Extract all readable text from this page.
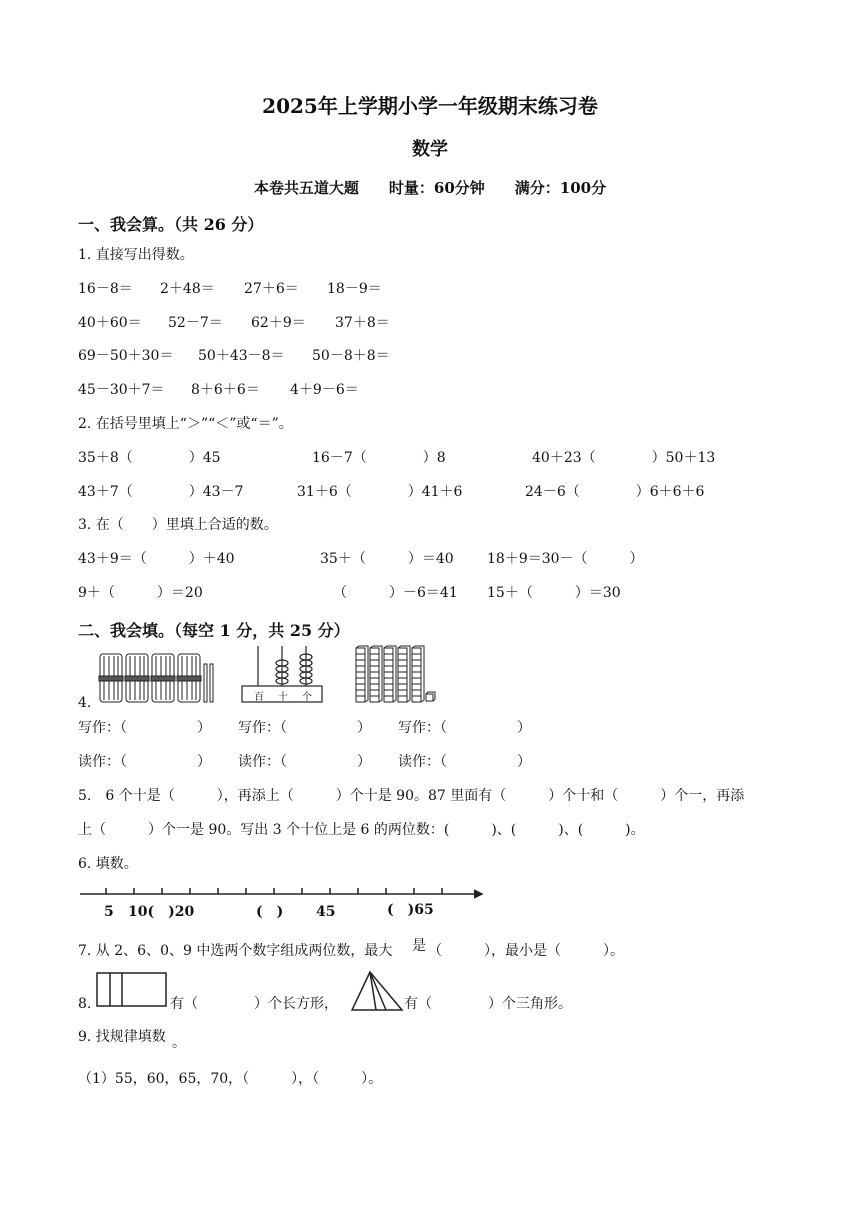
2025年上学期小学一年级期末练习卷
数学
本卷共五道大题　　时量：60分钟　　满分：100分
一、我会算。（共 26 分）
1. 直接写出得数。
16－8＝ 2＋48＝ 27＋6＝ 18－9＝
40＋60＝ 52－7＝ 62＋9＝ 37＋8＝
69－50＋30＝ 50＋43－8＝ 50－8＋8＝
45－30＋7＝ 8＋6＋6＝ 4＋9－6＝
2. 在括号里填上“＞”“＜”或“＝”。
35＋8（　　　　）45	16－7（　　　　）8	40＋23（　　　　）50＋13
43＋7（　　　　）43－7	31＋6（　　　　）41＋6	24－6（　　　　）6＋6＋6
3. 在（　　）里填上合适的数。
43＋9＝（　　　）＋40	35＋（　　　）＝40 18＋9＝30－（　　　）
9＋（　　　）＝20	（　　　）－6＝41 15＋（　　　）＝30
二、我会填。（每空 1 分，共 25 分）
百 十 个
4.
写作：（　　　　　） 写作：（　　　　　） 写作：（　　　　　）
读作：（　　　　　） 读作：（　　　　　） 读作：（　　　　　）
5.　6 个十是（　　　），再添上（　　　）个十是 90。87 里面有（　　　）个十和（　　　）个一，再添
上（　　　）个一是 90。写出 3 个十位上是 6 的两位数：(　　　)、(　　　)、(　　　)。
6. 填数。
5 10(　)20	(　) 45	(　)65
7. 从 2、6、0、9 中选两个数字组成两位数，最大 是 （　　　），最小是（　　　）。
8.	有（　　　　）个长方形，	有（　　　　）个三角形。
9. 找规律填数 。
（1）55，60，65，70，（　　　），（　　　）。
